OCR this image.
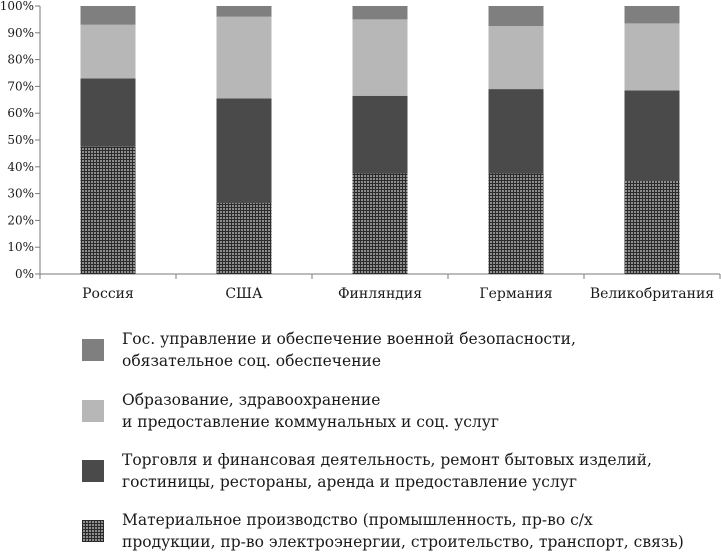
0%
10%
20%
30%
40%
50%
60%
70%
80%
90%
100%
Россия	США	Финляндия	Германия	Великобритания
Гос. управление и обеспечение военной безопасности,
обязательное соц. обеспечение
Образование, здравоохранение
и предоставление коммунальных и соц. услуг
Торговля и финансовая деятельность, ремонт бытовых изделий,
гостиницы, рестораны, аренда и предоставление услуг
Материальное производство (промышленность, пр-во с/х
продукции, пр-во электроэнергии, строительство, транспорт, связь)
